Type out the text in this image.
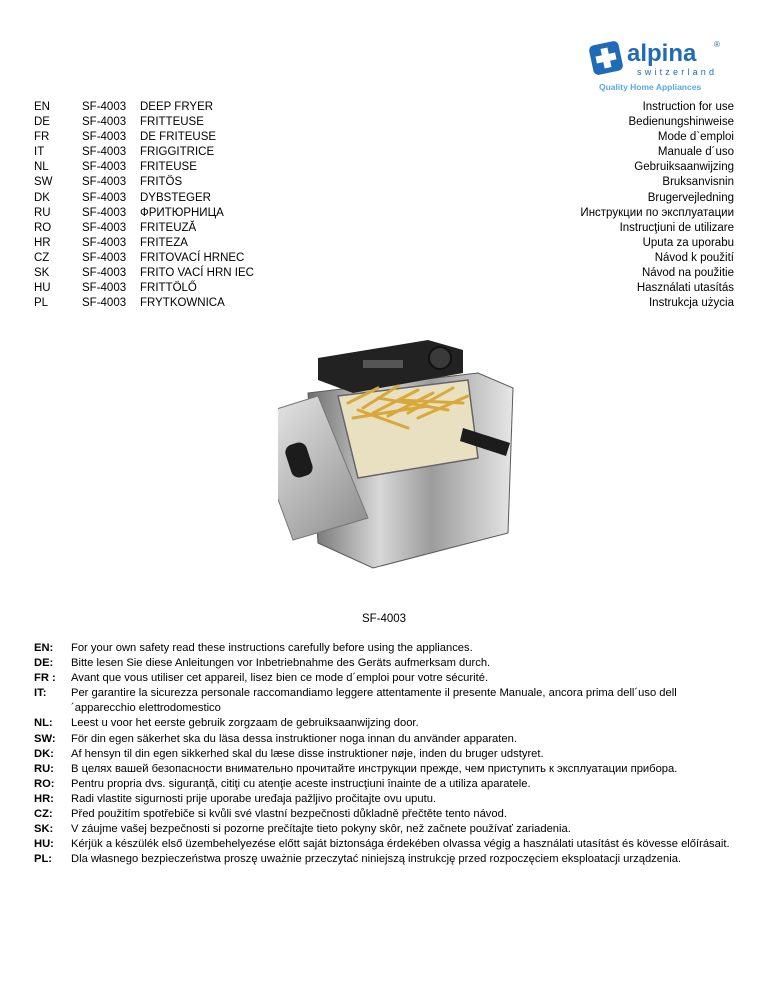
alpina ®
switzerland
Quality Home Appliances
EN	SF-4003 DEEP FRYER	Instruction for use
DE	SF-4003 FRITTEUSE	Bedienungshinweise
FR	SF-4003 DE FRITEUSE	Mode d`emploi
IT	SF-4003 FRIGGITRICE	Manuale d´uso
NL	SF-4003 FRITEUSE	Gebruiksaanwijzing
SW	SF-4003 FRITÖS	Bruksanvisnin
DK	SF-4003 DYBSTEGER	Brugervejledning
RU	SF-4003 ФРИТЮРНИЦА	Инструкции по эксплуатации
RO	SF-4003 FRITEUZĂ	Instrucţiuni de utilizare
HR	SF-4003 FRITEZA	Uputa za uporabu
CZ	SF-4003 FRITOVACÍ HRNEC	Návod k použití
SK	SF-4003 FRITO VACÍ HRN IEC	Návod na použitie
HU	SF-4003 FRITTÖLŐ	Használati utasítás
PL	SF-4003 FRYTKOWNICA	Instrukcja użycia
SF-4003
EN: For your own safety read these instructions carefully before using the appliances.
DE: Bitte lesen Sie diese Anleitungen vor Inbetriebnahme des Geräts aufmerksam durch.
FR : Avant que vous utiliser cet appareil, lisez bien ce mode d´emploi pour votre sécurité.
IT: Per garantire la sicurezza personale raccomandiamo leggere attentamente il presente Manuale, ancora prima dell´uso dell´apparecchio elettrodomestico
NL: Leest u voor het eerste gebruik zorgzaam de gebruiksaanwijzing door.
SW: För din egen säkerhet ska du läsa dessa instruktioner noga innan du använder apparaten.
DK: Af hensyn til din egen sikkerhed skal du læse disse instruktioner nøje, inden du bruger udstyret.
RU: В целях вашей безопасности внимательно прочитайте инструкции прежде, чем приступить к эксплуатации прибора.
RO: Pentru propria dvs. siguranţă, citiţi cu atenţie aceste instrucţiuni înainte de a utiliza aparatele.
HR: Radi vlastite sigurnosti prije uporabe uređaja pažljivo pročitajte ovu uputu.
CZ: Před použitím spotřebiče si kvůli své vlastní bezpečnosti důkladně přečtěte tento návod.
SK: V záujme vašej bezpečnosti si pozorne prečítajte tieto pokyny skôr, než začnete používať zariadenia.
HU: Kérjük a készülék első üzembehelyezése előtt saját biztonsága érdekében olvassa végig a használati utasítást és kövesse előírásait.
PL: Dla własnego bezpieczeństwa proszę uważnie przeczytać niniejszą instrukcję przed rozpoczęciem eksploatacji urządzenia.
